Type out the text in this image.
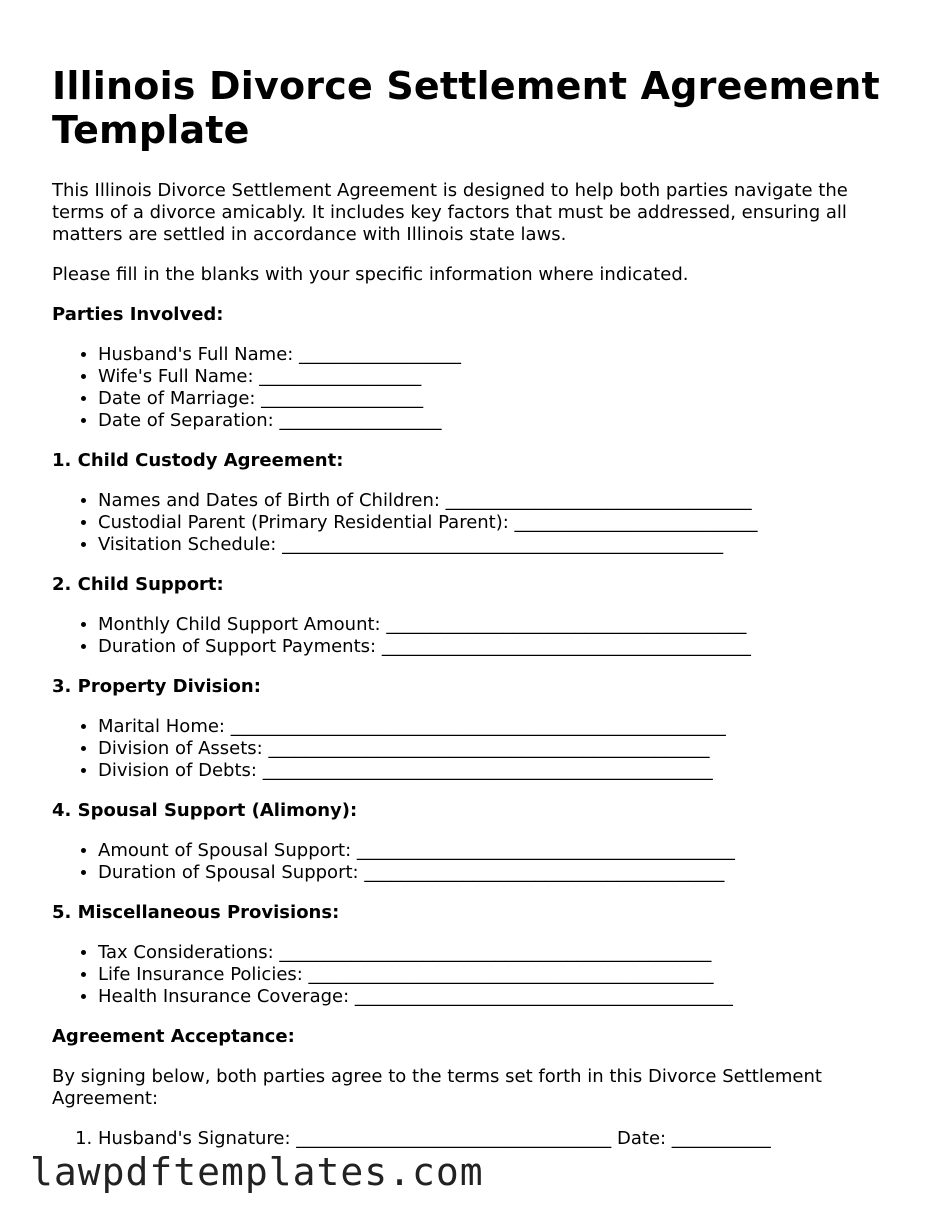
Illinois Divorce Settlement Agreement Template

This Illinois Divorce Settlement Agreement is designed to help both parties navigate the terms of a divorce amicably. It includes key factors that must be addressed, ensuring all matters are settled in accordance with Illinois state laws.

Please fill in the blanks with your specific information where indicated.

Parties Involved:
• Husband's Full Name: __________________
• Wife's Full Name: __________________
• Date of Marriage: __________________
• Date of Separation: __________________
1. Child Custody Agreement:
• Names and Dates of Birth of Children: __________________________________
• Custodial Parent (Primary Residential Parent): ___________________________
• Visitation Schedule: _________________________________________________
2. Child Support:
• Monthly Child Support Amount: ________________________________________
• Duration of Support Payments: _________________________________________
3. Property Division:
• Marital Home: _______________________________________________________
• Division of Assets: _________________________________________________
• Division of Debts: __________________________________________________
4. Spousal Support (Alimony):
• Amount of Spousal Support: __________________________________________
• Duration of Spousal Support: ________________________________________
5. Miscellaneous Provisions:
• Tax Considerations: ________________________________________________
• Life Insurance Policies: _____________________________________________
• Health Insurance Coverage: __________________________________________
Agreement Acceptance:

By signing below, both parties agree to the terms set forth in this Divorce Settlement Agreement:

1. Husband's Signature: ___________________________________ Date: ___________
lawpdftemplates.com
